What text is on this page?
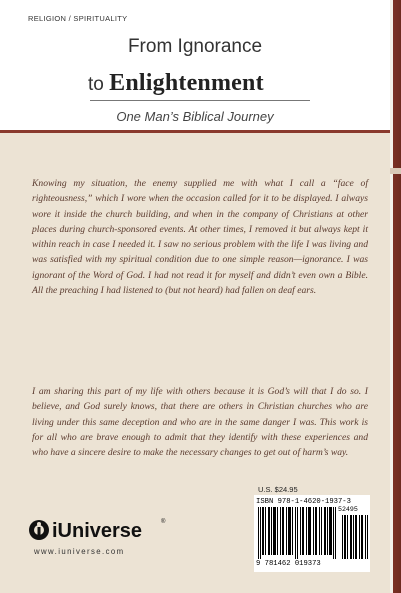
RELIGION / SPIRITUALITY
From Ignorance
to Enlightenment
One Man’s Biblical Journey

Knowing my situation, the enemy supplied me with what I call a “face of righteousness,” which I wore when the occasion called for it to be displayed. I always wore it inside the church building, and when in the company of Christians at other places during church-sponsored events. At other times, I removed it but always kept it within reach in case I needed it. I saw no serious problem with the life I was living and was satisfied with my spiritual condition due to one simple reason—ignorance. I was ignorant of the Word of God. I had not read it for myself and didn’t even own a Bible. All the preaching I had listened to (but not heard) had fallen on deaf ears.

I am sharing this part of my life with others because it is God’s will that I do so. I believe, and God surely knows, that there are others in Christian churches who are living under this same deception and who are in the same danger I was. This work is for all who are brave enough to admit that they identify with these experiences and who have a sincere desire to make the necessary changes to get out of harm’s way.

iUniverse	®
www.iuniverse.com
U.S. $24.95
ISBN 978-1-4620-1937-3
52495
9 781462 019373
